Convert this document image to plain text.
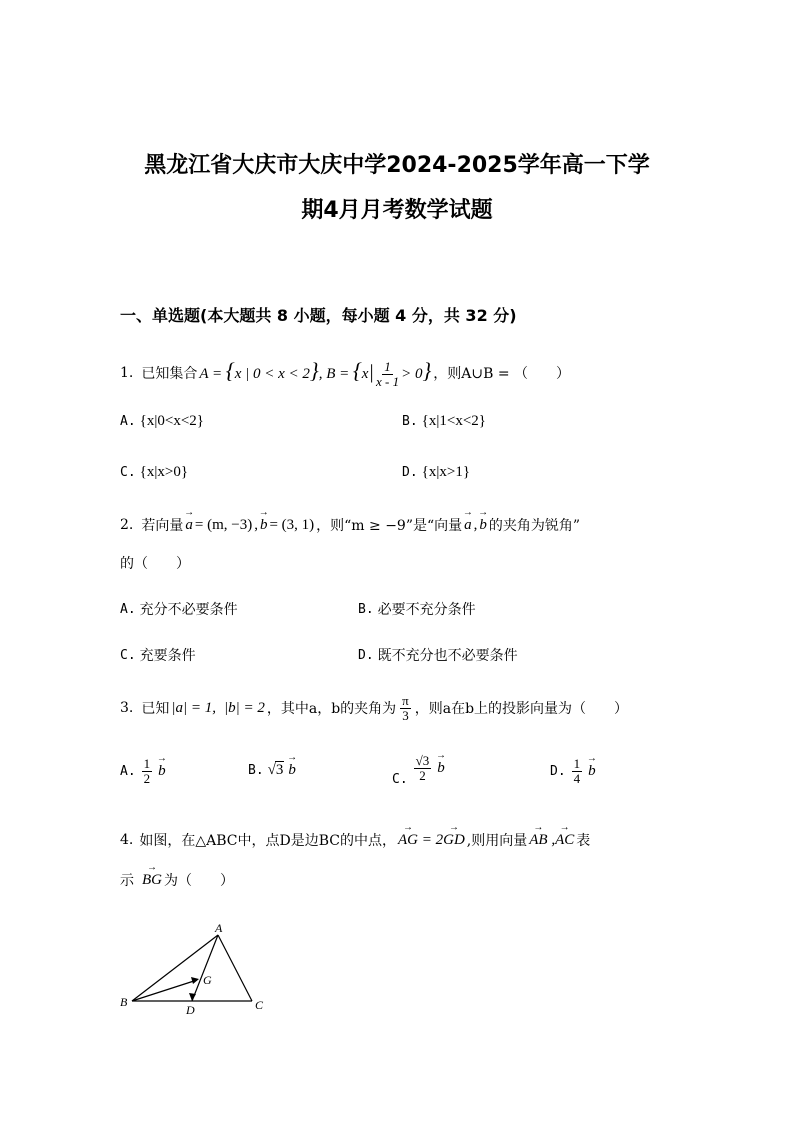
黑龙江省大庆市大庆中学2024-2025学年高一下学
期4月月考数学试题
一、单选题(本大题共 8 小题，每小题 4 分，共 32 分)
1. 已知集合 A = {x | 0 < x < 2}, $B = \{x| \frac{1}{x - 1} > 0\}$ ，则A∪B = （　　）
A. {x|0<x<2}	B. {x|1<x<2}
C. {x|x>0}	D. {x|x>1}
2. 若向量
→ a = (m, −3) ,
→ b = (3, 1) ，则“m ≥ −9”是“向量
→ a ,
→ b 的夹角为锐角”
的（　　）
A. 充分不必要条件	B. 必要不充分条件
C. 充要条件	D. 既不充分也不必要条件
3. 已知 |a| = 1, |b| = 2 ，其中a，b的夹角为 $\frac{\pi}{3}$ ，则a在b上的投影向量为（　　）
A. $\frac{1}{2}$
→ b	B. √3
→ b
C. $\frac{√3}{2}$
→ b	D. $\frac{1}{4}$
→ b
4. 如图，在△ABC中，点D是边BC的中点，
→ AG = 2→ GD ,则用向量
→ AB ,→ AC 表
示
→ BG 为（　　）
A
B	C
D
G
